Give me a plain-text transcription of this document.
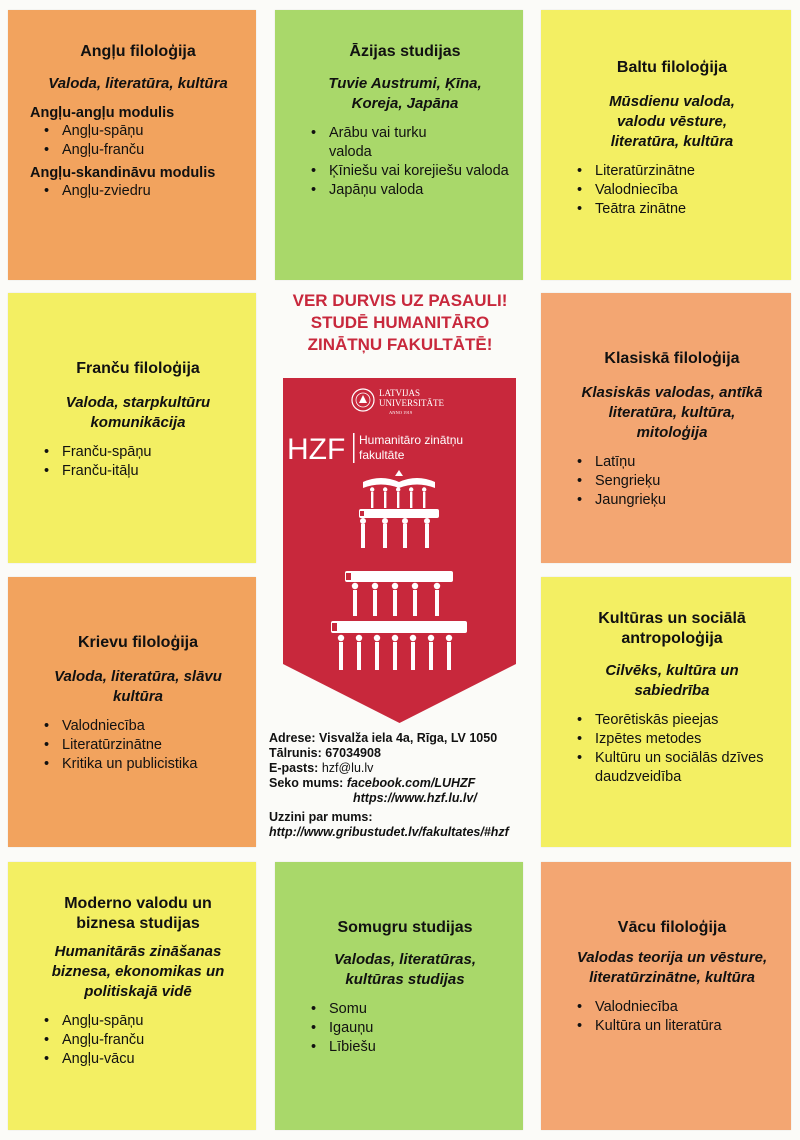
Angļu filoloģija
Valoda, literatūra, kultūra
Angļu-angļu modulis
• Angļu-spāņu
• Angļu-franču
Angļu-skandināvu modulis
• Angļu-zviedru
Āzijas studijas
Tuvie Austrumi, Ķīna, Koreja, Japāna
• Arābu vai turku valoda
• Ķīniešu vai korejiešu valoda
• Japāņu valoda
Baltu filoloģija
Mūsdienu valoda, valodu vēsture, literatūra, kultūra
• Literatūrzinātne
• Valodniecība
• Teātra zinātne
Franču filoloģija
Valoda, starpkultūru komunikācija
• Franču-spāņu
• Franču-itāļu
Klasiskā filoloģija
Klasiskās valodas, antīkā literatūra, kultūra, mitoloģija
• Latīņu
• Sengrieķu
• Jaungrieķu
Krievu filoloģija
Valoda, literatūra, slāvu kultūra
• Valodniecība
• Literatūrzinātne
• Kritika un publicistika
Kultūras un sociālā antropoloģija
Cilvēks, kultūra un sabiedrība
• Teorētiskās pieejas
• Izpētes metodes
• Kultūru un sociālās dzīves daudzveidība
Moderno valodu un biznesa studijas
Humanitārās zināšanas biznesa, ekonomikas un politiskajā vidē
• Angļu-spāņu
• Angļu-franču
• Angļu-vācu
Somugru studijas
Valodas, literatūras, kultūras studijas
• Somu
• Igauņu
• Lībiešu
Vācu filoloģija
Valodas teorija un vēsture, literatūrzinātne, kultūra
• Valodniecība
• Kultūra un literatūra
VER DURVIS UZ PASAULI!
STUDĒ HUMANITĀRO
ZINĀTŅU FAKULTĀTĒ!
LATVIJAS
UNIVERSITĀTE
ANNO 1919
HZF Humanitāro zinātņu
fakultāte

Adrese: Visvalža iela 4a, Rīga, LV 1050

Tālrunis: 67034908

E-pasts: hzf@lu.lv

Seko mums: facebook.com/LUHZF

https://www.hzf.lu.lv/

Uzzini par mums:

http://www.gribustudet.lv/fakultates/#hzf
